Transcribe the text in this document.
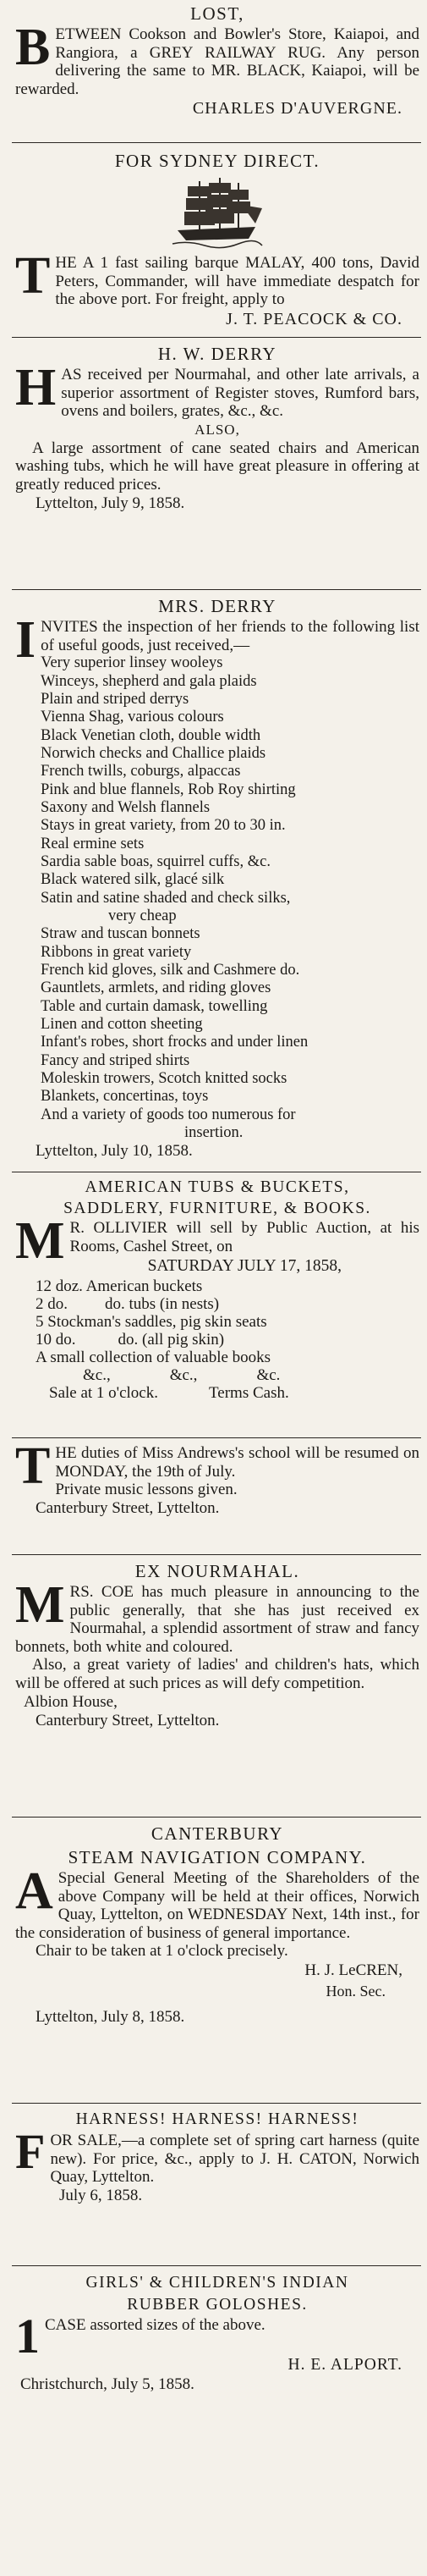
LOST,
B ETWEEN Cookson and Bowler's Store, Kaiapoi, and Rangiora, a GREY RAILWAY RUG. Any person delivering the same to MR. BLACK, Kaiapoi, will be rewarded.
CHARLES D'AUVERGNE.
FOR SYDNEY DIRECT.
T HE A 1 fast sailing barque MALAY, 400 tons, David Peters, Commander, will have immediate despatch for the above port. For freight, apply to
J. T. PEACOCK & CO.
H. W. DERRY
H AS received per Nourmahal, and other late arrivals, a superior assortment of Register stoves, Rumford bars, ovens and boilers, grates, &c., &c.
ALSO,
A large assortment of cane seated chairs and American washing tubs, which he will have great pleasure in offering at greatly reduced prices.
Lyttelton, July 9, 1858.
MRS. DERRY
I NVITES the inspection of her friends to the following list of useful goods, just received,—
Very superior linsey wooleys
Winceys, shepherd and gala plaids
Plain and striped derrys
Vienna Shag, various colours
Black Venetian cloth, double width
Norwich checks and Challice plaids
French twills, coburgs, alpaccas
Pink and blue flannels, Rob Roy shirting
Saxony and Welsh flannels
Stays in great variety, from 20 to 30 in.
Real ermine sets
Sardia sable boas, squirrel cuffs, &c.
Black watered silk, glacé silk
Satin and satine shaded and check silks,
very cheap
Straw and tuscan bonnets
Ribbons in great variety
French kid gloves, silk and Cashmere do.
Gauntlets, armlets, and riding gloves
Table and curtain damask, towelling
Linen and cotton sheeting
Infant's robes, short frocks and under linen
Fancy and striped shirts
Moleskin trowers, Scotch knitted socks
Blankets, concertinas, toys
And a variety of goods too numerous for
insertion.
Lyttelton, July 10, 1858.
AMERICAN TUBS & BUCKETS,
SADDLERY, FURNITURE, & BOOKS.
M R. OLLIVIER will sell by Public Auction, at his Rooms, Cashel Street, on
SATURDAY JULY 17, 1858,
12 doz. American buckets
2 do. do. tubs (in nests)
5 Stockman's saddles, pig skin seats
10 do.	do. (all pig skin)
A small collection of valuable books
&c.,	&c.,	&c.
Sale at 1 o'clock.	Terms Cash.
T HE duties of Miss Andrews's school will be resumed on MONDAY, the 19th of July.
Private music lessons given.
Canterbury Street, Lyttelton.
EX NOURMAHAL.
M RS. COE has much pleasure in announcing to the public generally, that she has just received ex Nourmahal, a splendid assortment of straw and fancy bonnets, both white and coloured.
Also, a great variety of ladies' and children's hats, which will be offered at such prices as will defy competition.
Albion House,
Canterbury Street, Lyttelton.
CANTERBURY
STEAM NAVIGATION COMPANY.
A Special General Meeting of the Shareholders of the above Company will be held at their offices, Norwich Quay, Lyttelton, on WEDNESDAY Next, 14th inst., for the consideration of business of general importance.
Chair to be taken at 1 o'clock precisely.
H. J. LeCREN,
Hon. Sec.
Lyttelton, July 8, 1858.
HARNESS! HARNESS! HARNESS!
F OR SALE,—a complete set of spring cart harness (quite new). For price, &c., apply to J. H. CATON, Norwich Quay, Lyttelton.
July 6, 1858.
GIRLS' & CHILDREN'S INDIAN
RUBBER GOLOSHES.
1 CASE assorted sizes of the above.
H. E. ALPORT.
Christchurch, July 5, 1858.
